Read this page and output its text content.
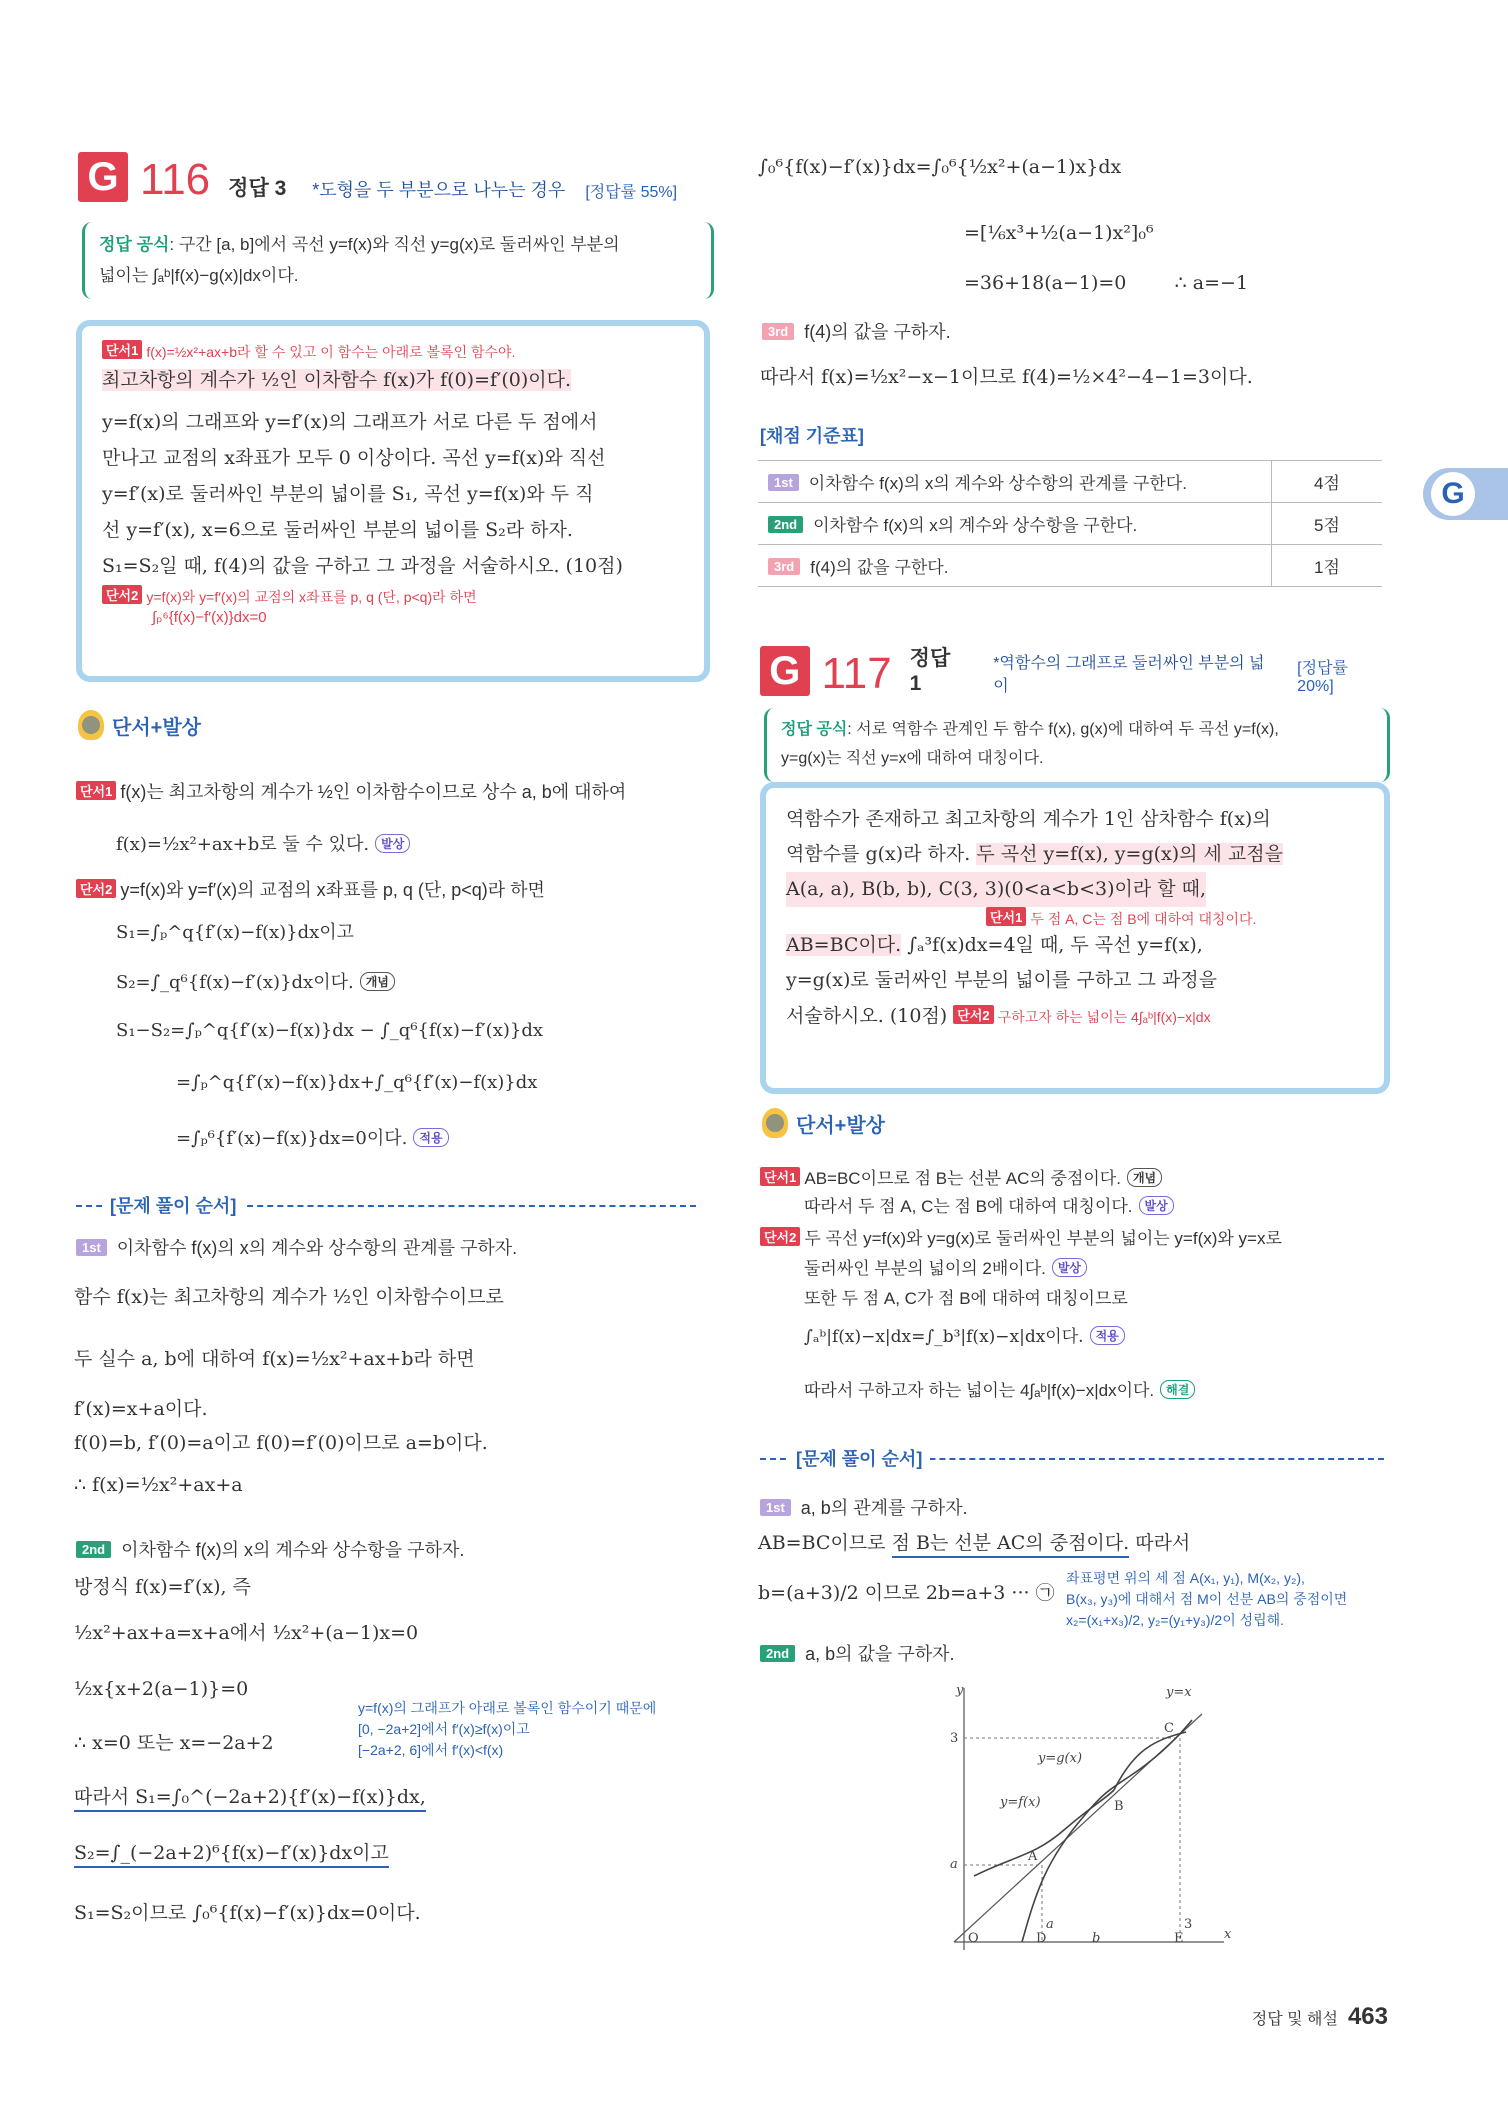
G 116 정답 3 *도형을 두 부분으로 나누는 경우 [정답률 55%]
정답 공식: 구간 [a, b]에서 곡선 y=f(x)와 직선 y=g(x)로 둘러싸인 부분의
넓이는 ∫ₐᵇ|f(x)−g(x)|dx이다.
단서1 f(x)=½x²+ax+b라 할 수 있고 이 함수는 아래로 볼록인 함수야.
최고차항의 계수가 ½인 이차함수 f(x)가 f(0)=f′(0)이다.
y=f(x)의 그래프와 y=f′(x)의 그래프가 서로 다른 두 점에서
만나고 교점의 x좌표가 모두 0 이상이다. 곡선 y=f(x)와 직선
y=f′(x)로 둘러싸인 부분의 넓이를 S₁, 곡선 y=f(x)와 두 직
선 y=f′(x), x=6으로 둘러싸인 부분의 넓이를 S₂라 하자.
S₁=S₂일 때, f(4)의 값을 구하고 그 과정을 서술하시오. (10점)
단서2 y=f(x)와 y=f′(x)의 교점의 x좌표를 p, q (단, p<q)라 하면
∫ₚ⁶{f(x)−f′(x)}dx=0
단서+발상
단서1 f(x)는 최고차항의 계수가 ½인 이차함수이므로 상수 a, b에 대하여
f(x)=½x²+ax+b로 둘 수 있다. 발상
단서2 y=f(x)와 y=f′(x)의 교점의 x좌표를 p, q (단, p<q)라 하면
S₁=∫ₚ^q{f′(x)−f(x)}dx이고
S₂=∫_q⁶{f(x)−f′(x)}dx이다. 개념
S₁−S₂=∫ₚ^q{f′(x)−f(x)}dx − ∫_q⁶{f(x)−f′(x)}dx
=∫ₚ^q{f′(x)−f(x)}dx+∫_q⁶{f′(x)−f(x)}dx
=∫ₚ⁶{f′(x)−f(x)}dx=0이다. 적용
[문제 풀이 순서]
1st 이차함수 f(x)의 x의 계수와 상수항의 관계를 구하자.
함수 f(x)는 최고차항의 계수가 ½인 이차함수이므로
두 실수 a, b에 대하여 f(x)=½x²+ax+b라 하면
f′(x)=x+a이다.
f(0)=b, f′(0)=a이고 f(0)=f′(0)이므로 a=b이다.
∴ f(x)=½x²+ax+a
2nd 이차함수 f(x)의 x의 계수와 상수항을 구하자.
방정식 f(x)=f′(x), 즉
½x²+ax+a=x+a에서 ½x²+(a−1)x=0
½x{x+2(a−1)}=0
∴ x=0 또는 x=−2a+2
y=f(x)의 그래프가 아래로 볼록인 함수이기 때문에
[0, −2a+2]에서 f′(x)≥f(x)이고
[−2a+2, 6]에서 f′(x)<f(x)
따라서 S₁=∫₀^(−2a+2){f′(x)−f(x)}dx,
S₂=∫_(−2a+2)⁶{f(x)−f′(x)}dx이고
S₁=S₂이므로 ∫₀⁶{f(x)−f′(x)}dx=0이다.
∫₀⁶{f(x)−f′(x)}dx=∫₀⁶{½x²+(a−1)x}dx
=[⅙x³+½(a−1)x²]₀⁶
=36+18(a−1)=0        ∴ a=−1
3rd f(4)의 값을 구하자.
따라서 f(x)=½x²−x−1이므로 f(4)=½×4²−4−1=3이다.
[채점 기준표]
1st 이차함수 f(x)의 x의 계수와 상수항의 관계를 구한다.	4점
2nd 이차함수 f(x)의 x의 계수와 상수항을 구한다.	5점
3rd f(4)의 값을 구한다.	1점
G 117 정답 1
*역함수의 그래프로 둘러싸인 부분의 넓이
[정답률 20%]
정답 공식: 서로 역함수 관계인 두 함수 f(x), g(x)에 대하여 두 곡선 y=f(x),
y=g(x)는 직선 y=x에 대하여 대칭이다.
역함수가 존재하고 최고차항의 계수가 1인 삼차함수 f(x)의
역함수를 g(x)라 하자. 두 곡선 y=f(x), y=g(x)의 세 교점을
A(a, a), B(b, b), C(3, 3)(0<a<b<3)이라 할 때,
단서1 두 점 A, C는 점 B에 대하여 대칭이다.
AB=BC이다. ∫ₐ³f(x)dx=4일 때, 두 곡선 y=f(x),
y=g(x)로 둘러싸인 부분의 넓이를 구하고 그 과정을
서술하시오. (10점) 단서2 구하고자 하는 넓이는 4∫ₐᵇ|f(x)−x|dx
단서+발상
단서1 AB=BC이므로 점 B는 선분 AC의 중점이다. 개념
따라서 두 점 A, C는 점 B에 대하여 대칭이다. 발상
단서2 두 곡선 y=f(x)와 y=g(x)로 둘러싸인 부분의 넓이는 y=f(x)와 y=x로
둘러싸인 부분의 넓이의 2배이다. 발상
또한 두 점 A, C가 점 B에 대하여 대칭이므로
∫ₐᵇ|f(x)−x|dx=∫_b³|f(x)−x|dx이다. 적용
따라서 구하고자 하는 넓이는 4∫ₐᵇ|f(x)−x|dx이다. 해결
[문제 풀이 순서]
1st a, b의 관계를 구하자.
AB=BC이므로 점 B는 선분 AC의 중점이다. 따라서
b=(a+3)/2 이므로 2b=a+3 ··· ㉠
좌표평면 위의 세 점 A(x₁, y₁), M(x₂, y₂),
B(x₃, y₃)에 대해서 점 M이 선분 AB의 중점이면
x₂=(x₁+x₃)/2, y₂=(y₁+y₃)/2이 성립해.
2nd a, b의 값을 구하자.
y
x
y=x
y=g(x)
y=f(x)
O
A
B
C
3
a
a
D	b
3
E
G
정답 및 해설 463
